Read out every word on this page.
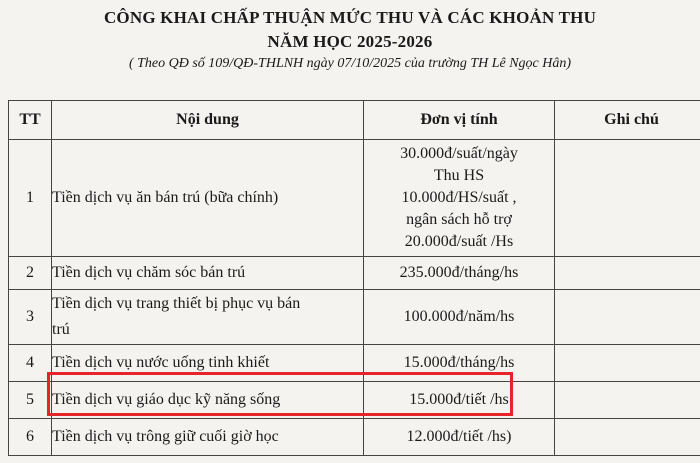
CÔNG KHAI CHẤP THUẬN MỨC THU VÀ CÁC KHOẢN THU
NĂM HỌC 2025-2026
( Theo QĐ số 109/QĐ-THLNH ngày 07/10/2025 của trường TH Lê Ngọc Hân)
TT	Nội dung	Đơn vị tính	Ghi chú
1	Tiền dịch vụ ăn bán trú (bữa chính)	30.000đ/suất/ngày
Thu HS
10.000đ/HS/suất ,
ngân sách hỗ trợ
20.000đ/suất /Hs	

2	Tiền dịch vụ chăm sóc bán trú	235.000đ/tháng/hs	
3	Tiền dịch vụ trang thiết bị phục vụ bán
trú	100.000đ/năm/hs	
4	Tiền dịch vụ nước uống tinh khiết	15.000đ/tháng/hs	
5	Tiền dịch vụ giáo dục kỹ năng sống	15.000đ/tiết /hs	
6	Tiền dịch vụ trông giữ cuối giờ học	12.000đ/tiết /hs)	
